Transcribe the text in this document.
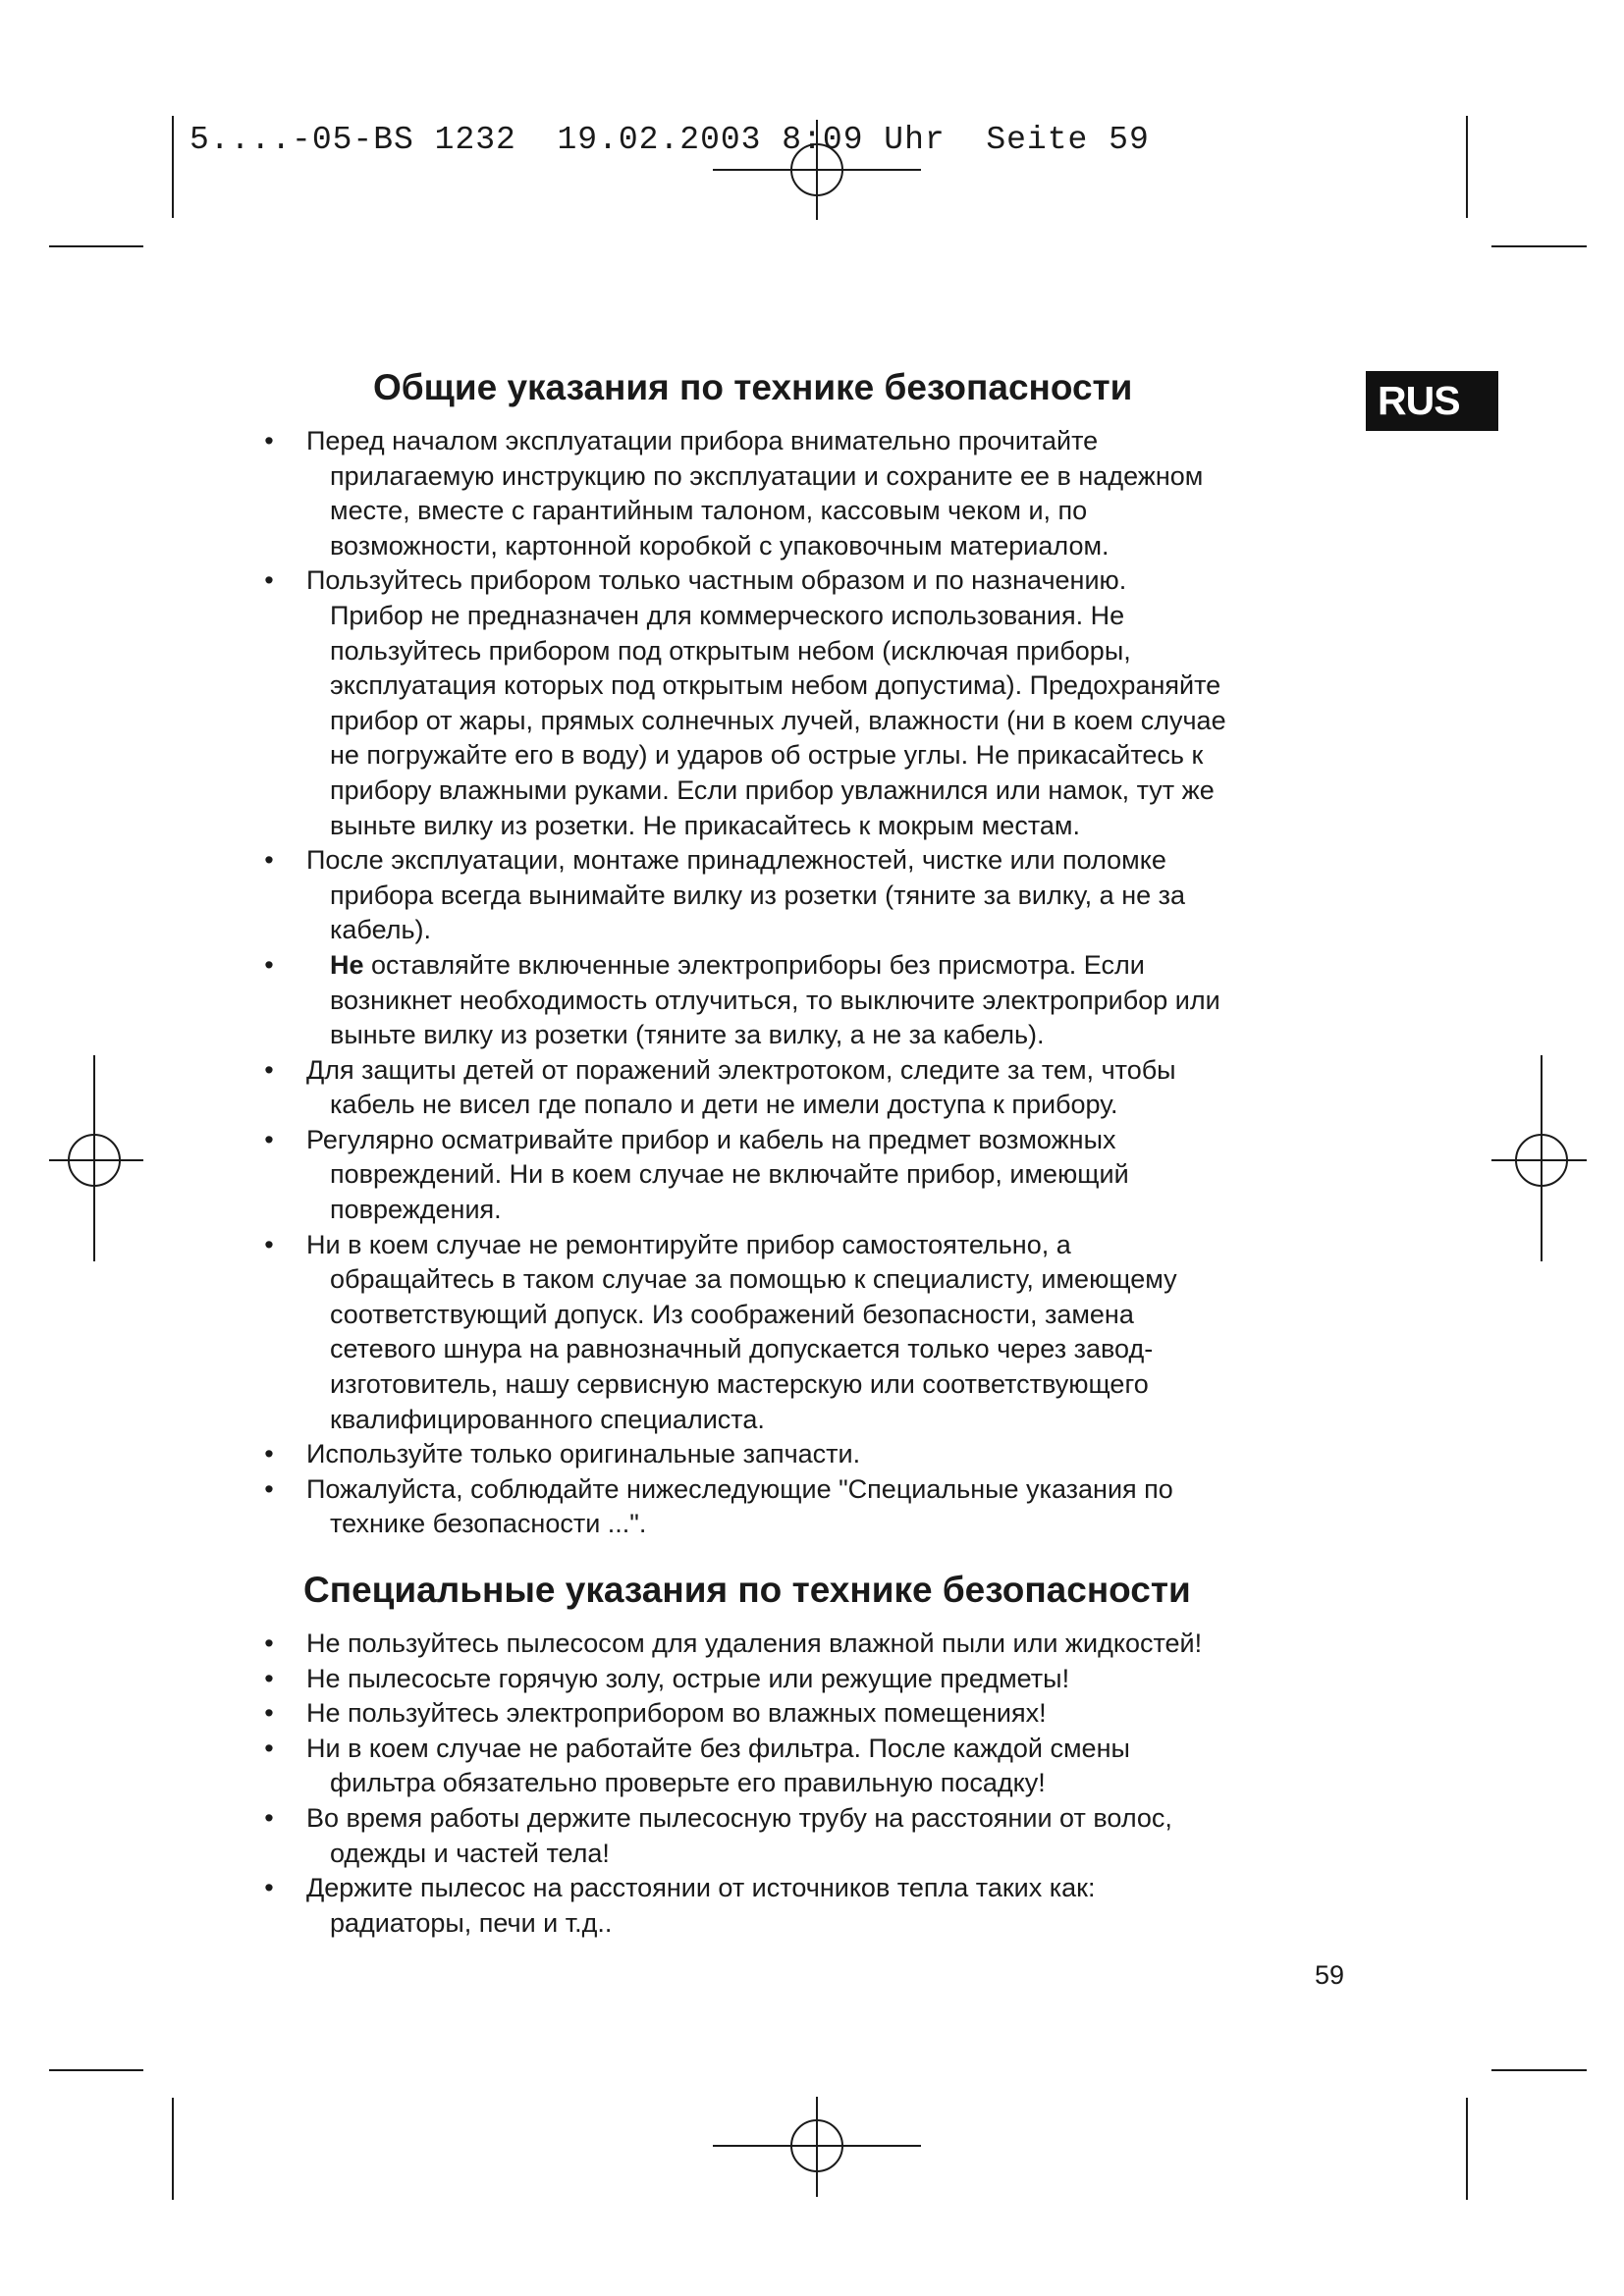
5....-05-BS 1232  19.02.2003 8:09 Uhr  Seite 59
RUS
Общие указания по технике безопасности
• Перед началом эксплуатации прибора внимательно прочитайте
прилагаемую инструкцию по эксплуатации и сохраните ее в надежном
месте, вместе с гарантийным талоном, кассовым чеком и, по
возможности, картонной коробкой с упаковочным материалом.
• Пользуйтесь прибором только частным образом и по назначению.
Прибор не предназначен для коммерческого использования. Не
пользуйтесь прибором под открытым небом (исключая приборы,
эксплуатация которых под открытым небом допустима). Предохраняйте
прибор от жары, прямых солнечных лучей, влажности (ни в коем случае
не погружайте его в воду) и ударов об острые углы. Не прикасайтесь к
прибору влажными руками. Если прибор увлажнился или намок, тут же
выньте вилку из розетки. Не прикасайтесь к мокрым местам.
• После эксплуатации, монтаже принадлежностей, чистке или поломке
прибора всегда вынимайте вилку из розетки (тяните за вилку, а не за
кабель).
• Не оставляйте включенные электроприборы без присмотра. Если
возникнет необходимость отлучиться, то выключите электроприбор или
выньте вилку из розетки (тяните за вилку, а не за кабель).
• Для защиты детей от поражений электротоком, следите за тем, чтобы
кабель не висел где попало и дети не имели доступа к прибору.
• Регулярно осматривайте прибор и кабель на предмет возможных
повреждений. Ни в коем случае не включайте прибор, имеющий
повреждения.
• Ни в коем случае не ремонтируйте прибор самостоятельно, а
обращайтесь в таком случае за помощью к специалисту, имеющему
соответствующий допуск. Из соображений безопасности, замена
сетевого шнура на равнозначный допускается только через завод-
изготовитель, нашу сервисную мастерскую или соответствующего
квалифицированного специалиста.
• Используйте только оригинальные запчасти.
• Пожалуйста, соблюдайте нижеследующие "Специальные указания по
технике безопасности ...".
Специальные указания по технике безопасности
• Не пользуйтесь пылесосом для удаления влажной пыли или жидкостей!
• Не пылесосьте горячую золу, острые или режущие предметы!
• Не пользуйтесь электроприбором во влажных помещениях!
• Ни в коем случае не работайте без фильтра. После каждой смены
фильтра обязательно проверьте его правильную посадку!
• Во время работы держите пылесосную трубу на расстоянии от волос,
одежды и частей тела!
• Держите пылесос на расстоянии от источников тепла таких как:
радиаторы, печи и т.д..
59
